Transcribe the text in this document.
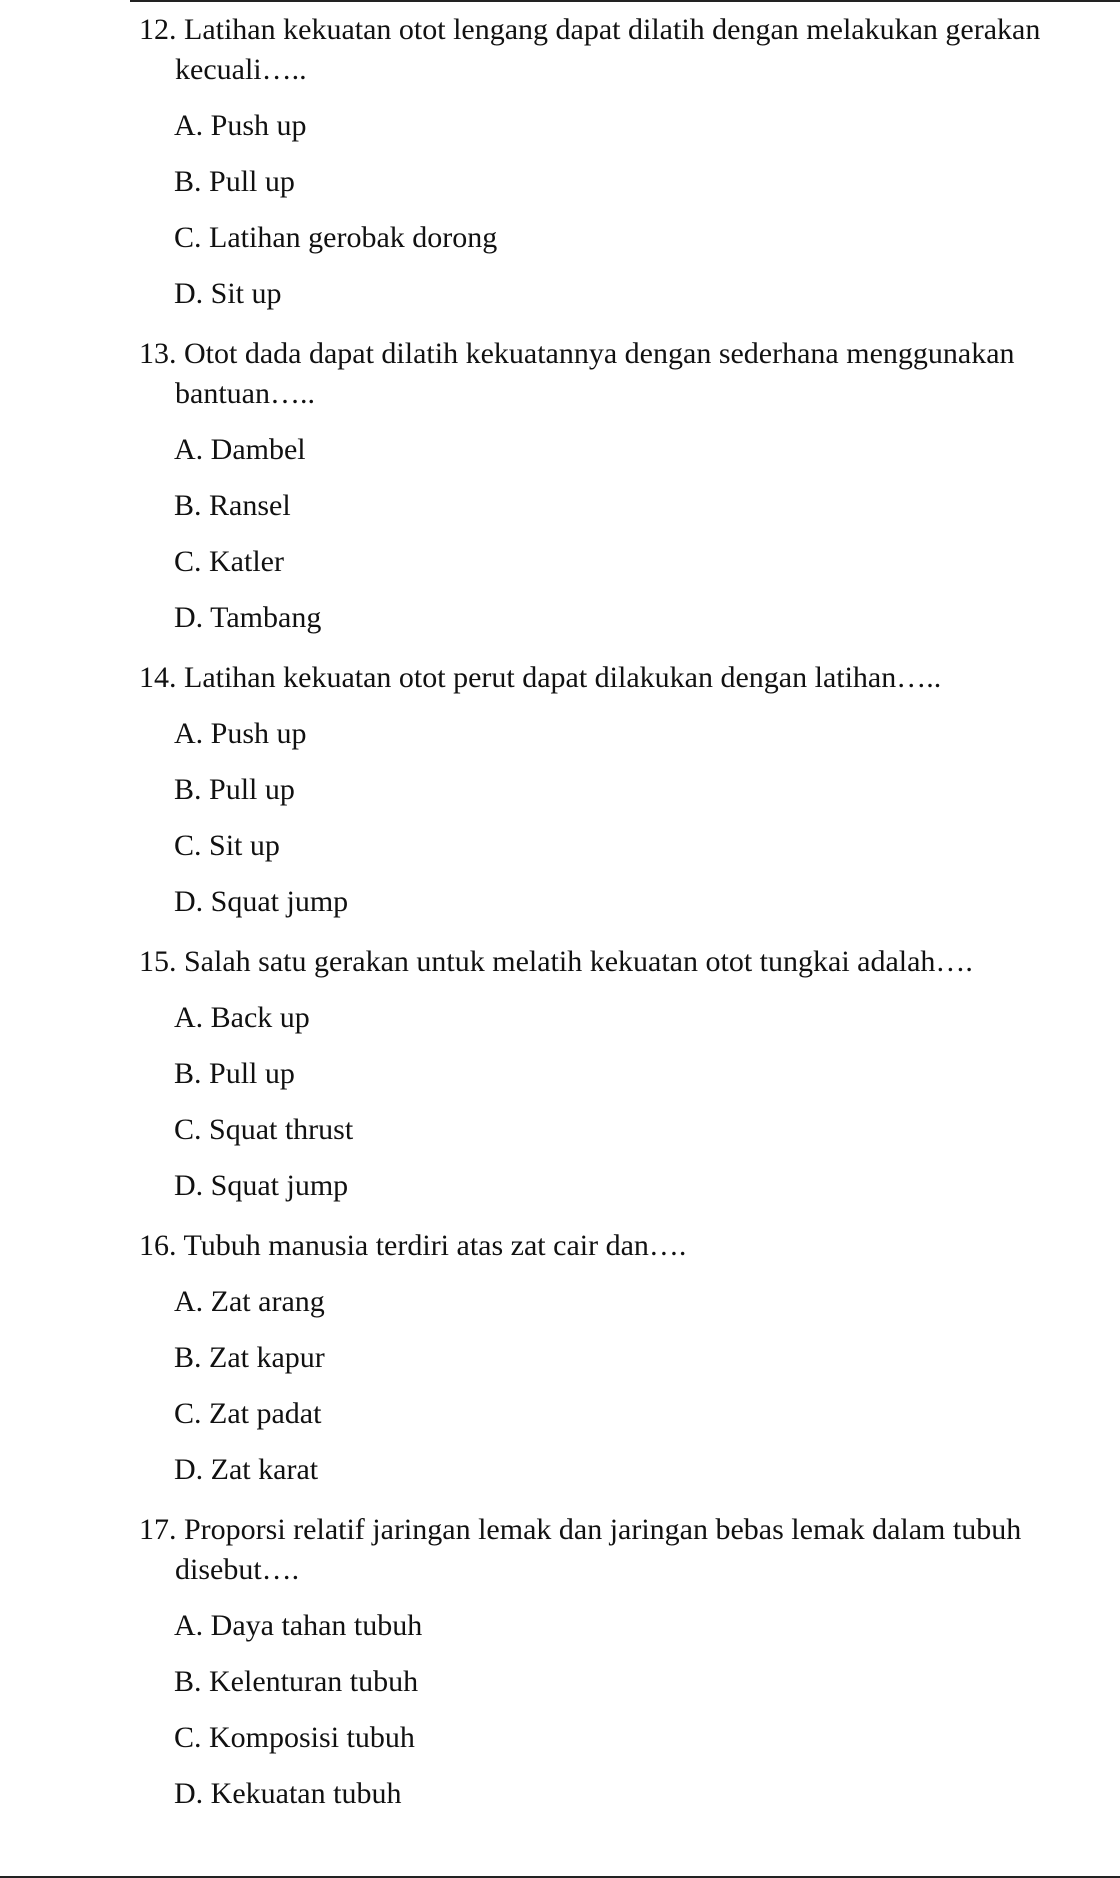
12. Latihan kekuatan otot lengang dapat dilatih dengan melakukan gerakan kecuali…..
A. Push up
B. Pull up
C. Latihan gerobak dorong
D. Sit up
13. Otot dada dapat dilatih kekuatannya dengan sederhana menggunakan bantuan…..
A. Dambel
B. Ransel
C. Katler
D. Tambang
14. Latihan kekuatan otot perut dapat dilakukan dengan latihan…..
A. Push up
B. Pull up
C. Sit up
D. Squat jump
15. Salah satu gerakan untuk melatih kekuatan otot tungkai adalah….
A. Back up
B. Pull up
C. Squat thrust
D. Squat jump
16. Tubuh manusia terdiri atas zat cair dan….
A. Zat arang
B. Zat kapur
C. Zat padat
D. Zat karat
17. Proporsi relatif jaringan lemak dan jaringan bebas lemak dalam tubuh disebut….
A. Daya tahan tubuh
B. Kelenturan tubuh
C. Komposisi tubuh
D. Kekuatan tubuh
